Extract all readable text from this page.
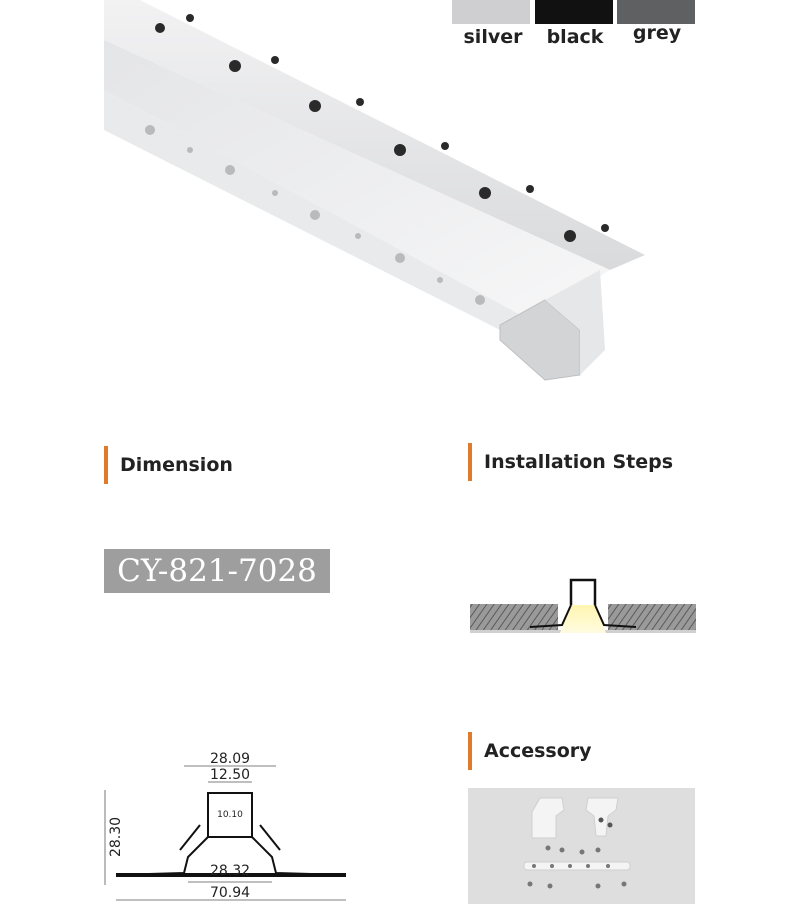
silver	black	grey
Dimension	Installation Steps
Accessory
CY-821-7028
28.09
12.50
10.10
28.30
28.32
70.94
